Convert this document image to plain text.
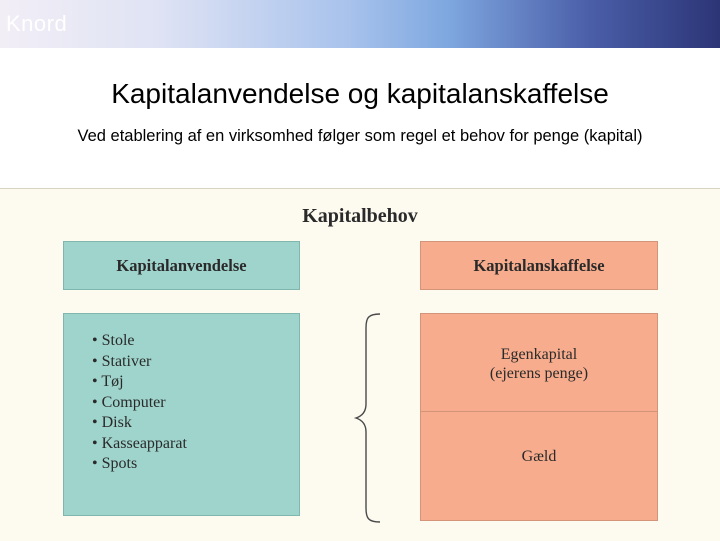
Knord
Kapitalanvendelse og kapitalanskaffelse
Ved etablering af en virksomhed følger som regel et behov for penge (kapital)
Kapitalbehov
Kapitalanvendelse	Kapitalanskaffelse
• Stole
• Stativer
• Tøj
• Computer
• Disk
• Kasseapparat
• Spots
Egenkapital
(ejerens penge)
Gæld
